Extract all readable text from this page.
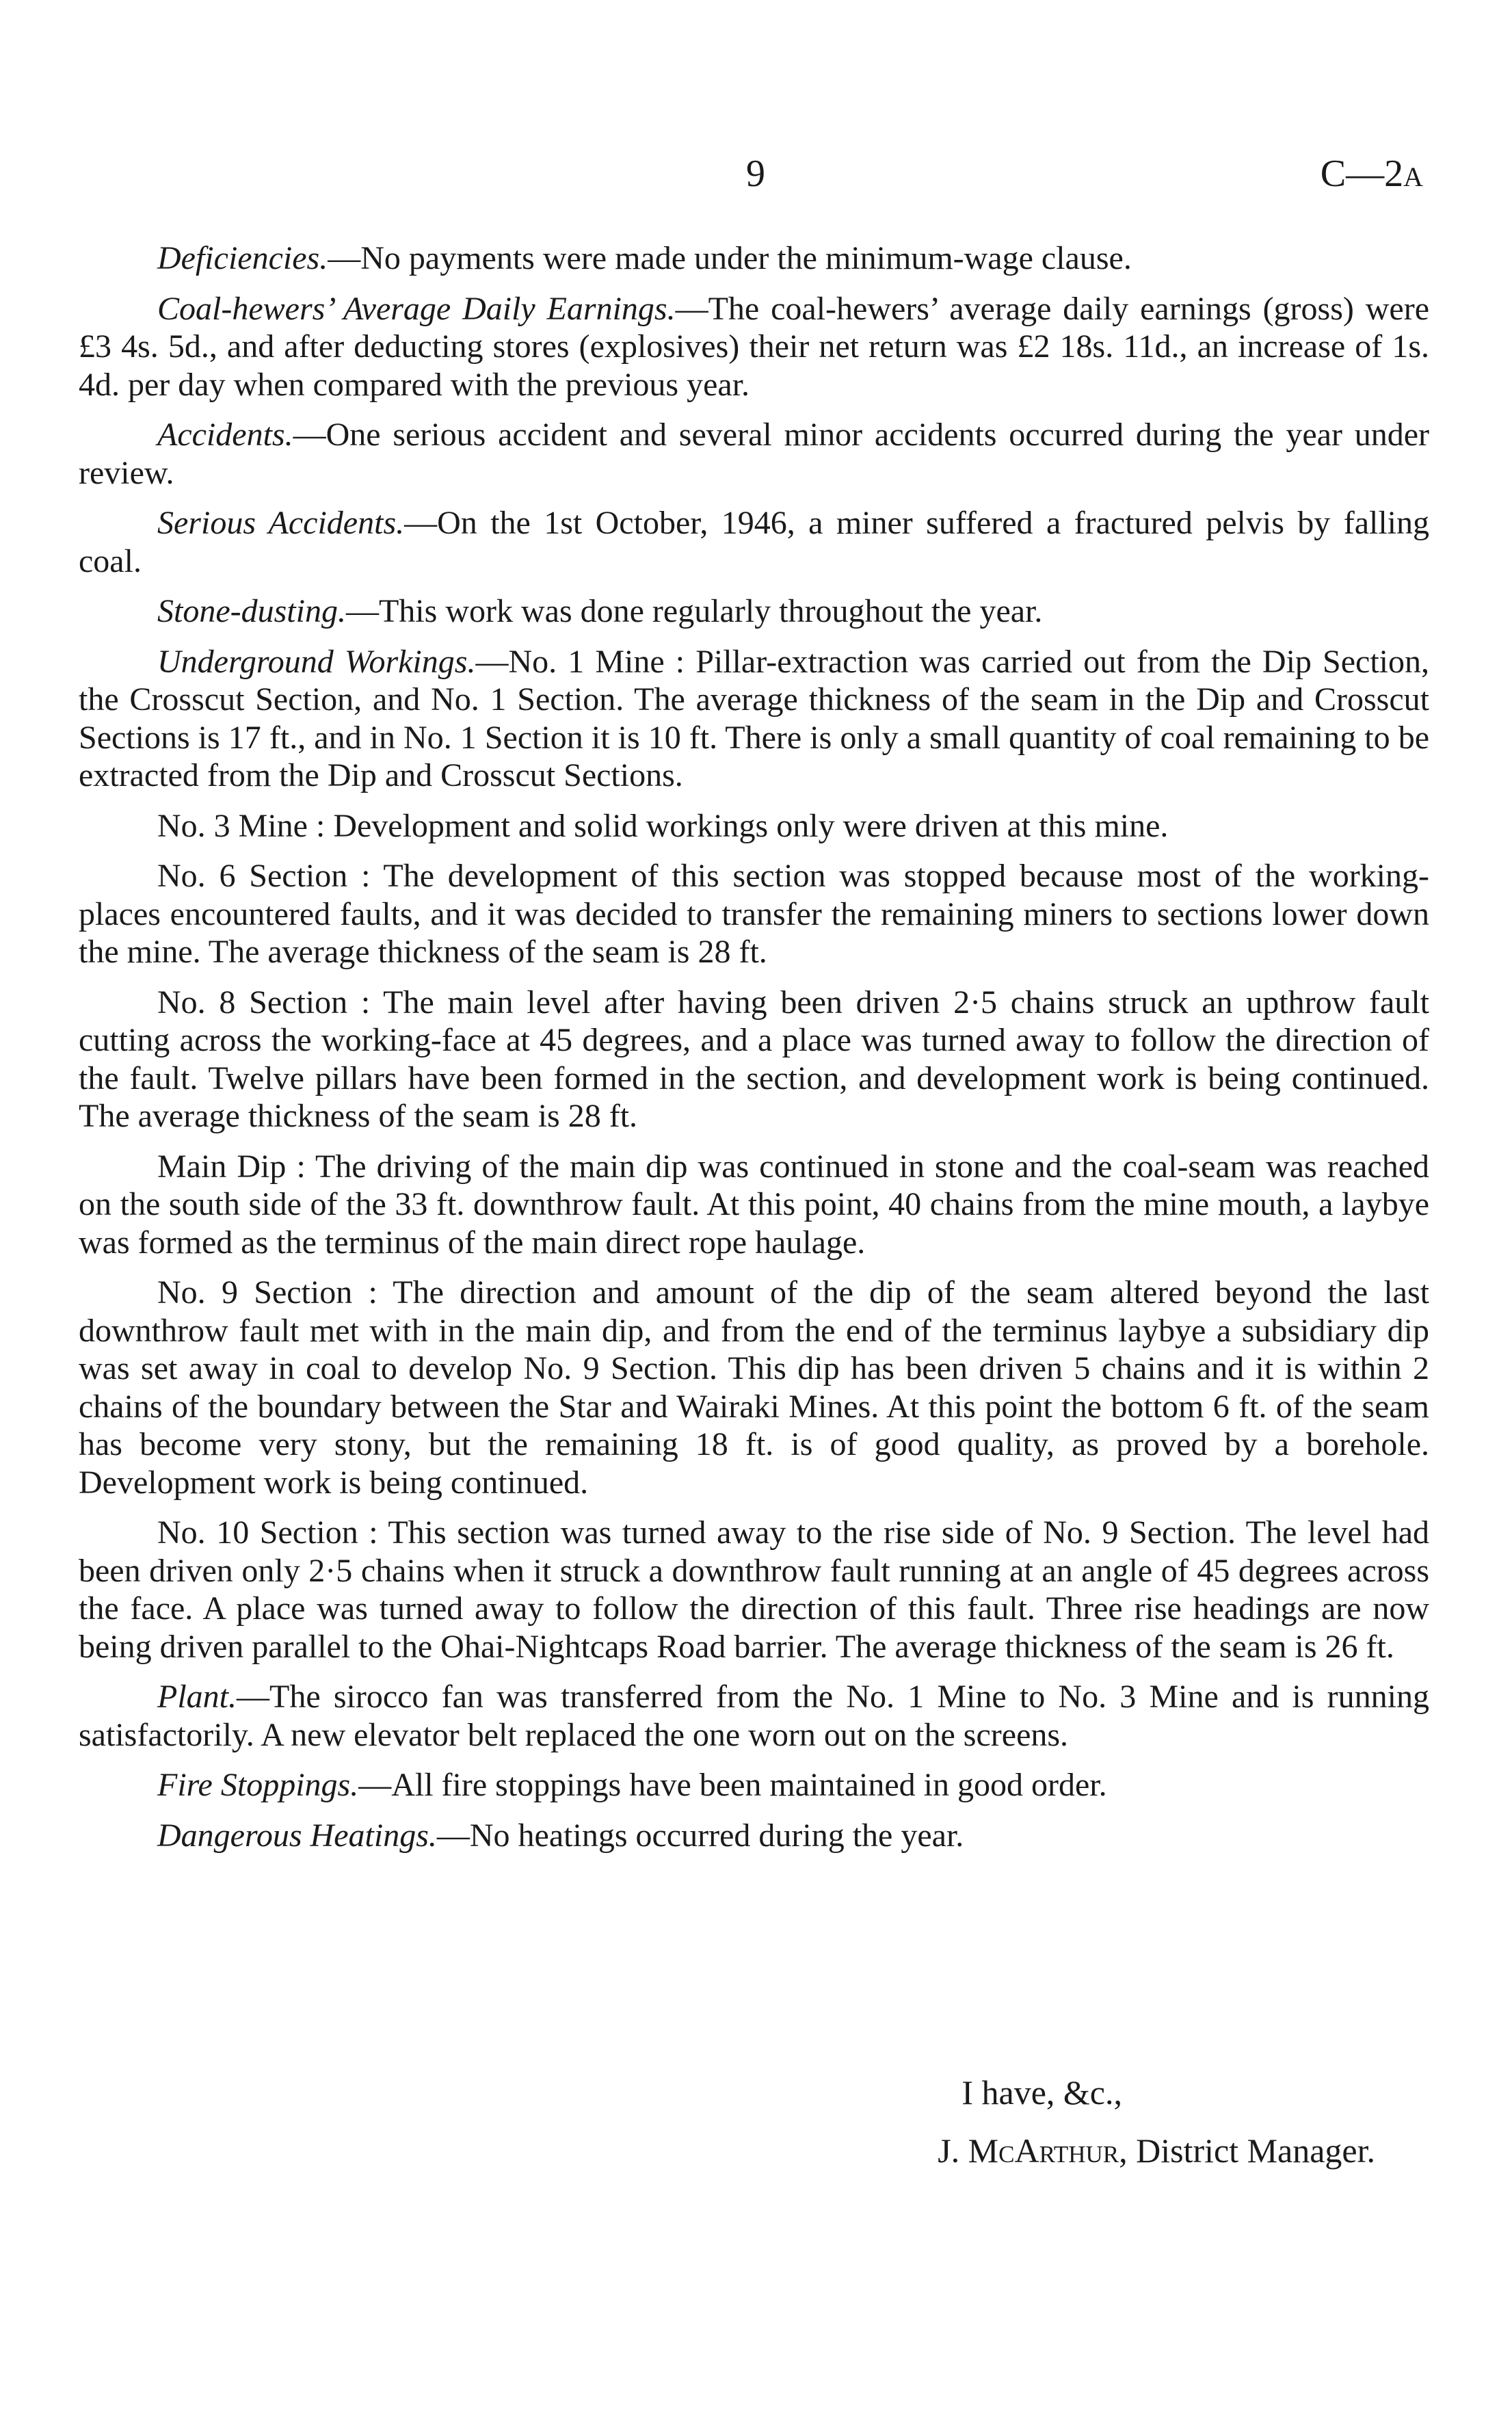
9	C—2A

Deficiencies.—No payments were made under the minimum-wage clause.

Coal-hewers’ Average Daily Earnings.—The coal-hewers’ average daily earnings (gross) were £3 4s. 5d., and after deducting stores (explosives) their net return was £2 18s. 11d., an increase of 1s. 4d. per day when compared with the previous year.

Accidents.—One serious accident and several minor accidents occurred during the year under review.

Serious Accidents.—On the 1st October, 1946, a miner suffered a fractured pelvis by falling coal.

Stone-dusting.—This work was done regularly throughout the year.

Underground Workings.—No. 1 Mine : Pillar-extraction was carried out from the Dip Section, the Crosscut Section, and No. 1 Section. The average thickness of the seam in the Dip and Crosscut Sections is 17 ft., and in No. 1 Section it is 10 ft. There is only a small quantity of coal remaining to be extracted from the Dip and Crosscut Sections.

No. 3 Mine : Development and solid workings only were driven at this mine.

No. 6 Section : The development of this section was stopped because most of the working-places encountered faults, and it was decided to transfer the remaining miners to sections lower down the mine. The average thickness of the seam is 28 ft.

No. 8 Section : The main level after having been driven 2·5 chains struck an upthrow fault cutting across the working-face at 45 degrees, and a place was turned away to follow the direction of the fault. Twelve pillars have been formed in the section, and development work is being continued. The average thickness of the seam is 28 ft.

Main Dip : The driving of the main dip was continued in stone and the coal-seam was reached on the south side of the 33 ft. downthrow fault. At this point, 40 chains from the mine mouth, a laybye was formed as the terminus of the main direct rope haulage.

No. 9 Section : The direction and amount of the dip of the seam altered beyond the last downthrow fault met with in the main dip, and from the end of the terminus laybye a subsidiary dip was set away in coal to develop No. 9 Section. This dip has been driven 5 chains and it is within 2 chains of the boundary between the Star and Wairaki Mines. At this point the bottom 6 ft. of the seam has become very stony, but the remaining 18 ft. is of good quality, as proved by a borehole. Development work is being continued.

No. 10 Section : This section was turned away to the rise side of No. 9 Section. The level had been driven only 2·5 chains when it struck a downthrow fault running at an angle of 45 degrees across the face. A place was turned away to follow the direction of this fault. Three rise headings are now being driven parallel to the Ohai-Nightcaps Road barrier. The average thickness of the seam is 26 ft.

Plant.—The sirocco fan was transferred from the No. 1 Mine to No. 3 Mine and is running satisfactorily. A new elevator belt replaced the one worn out on the screens.

Fire Stoppings.—All fire stoppings have been maintained in good order.

Dangerous Heatings.—No heatings occurred during the year.

I have, &c.,
J. McArthur, District Manager.
